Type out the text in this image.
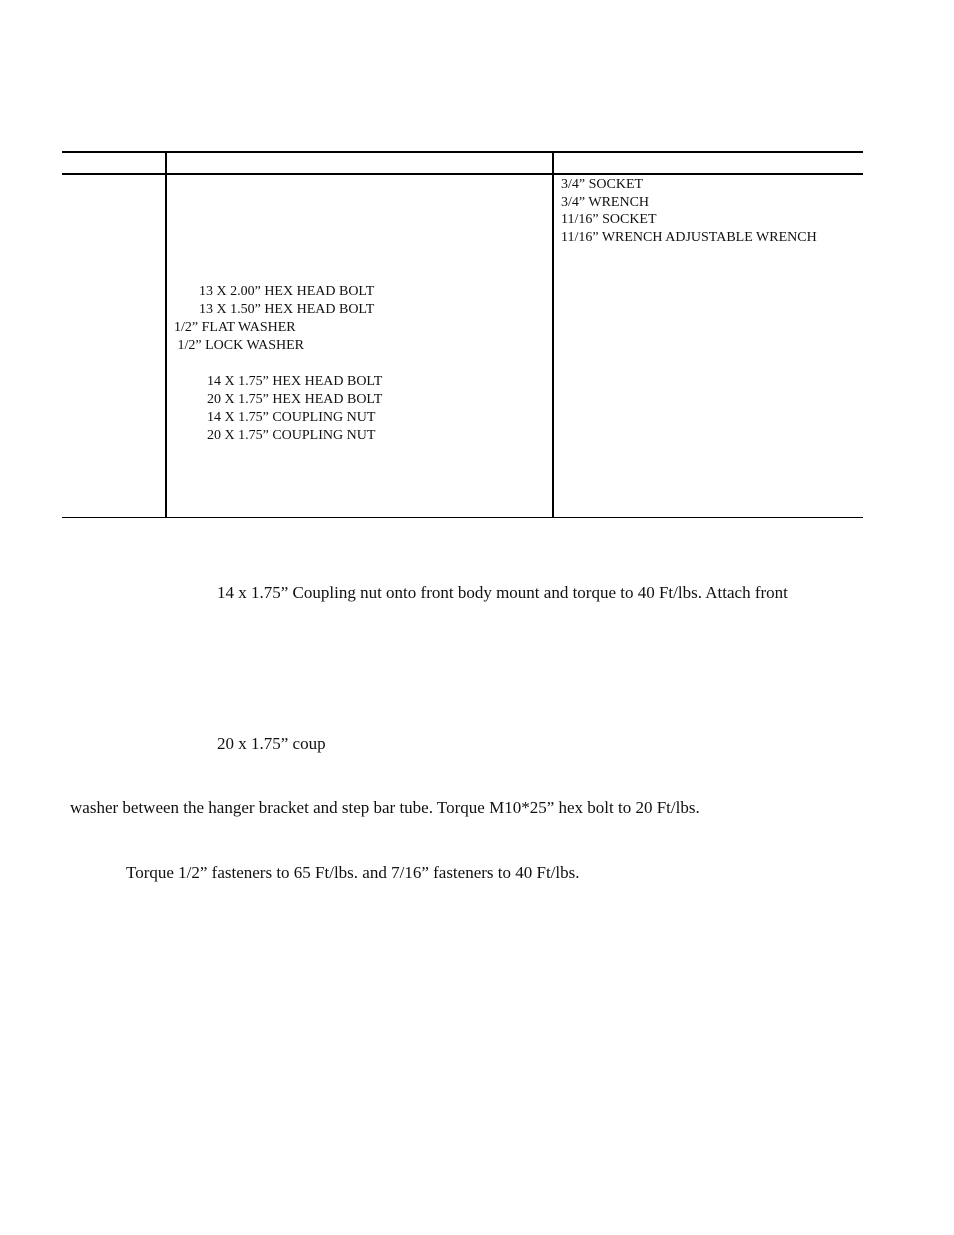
13 X 2.00” HEX HEAD BOLT
13 X 1.50” HEX HEAD BOLT
1/2” FLAT WASHER
1/2” LOCK WASHER
14 X 1.75” HEX HEAD BOLT
20 X 1.75” HEX HEAD BOLT
14 X 1.75” COUPLING NUT
20 X 1.75” COUPLING NUT
3/4” SOCKET
3/4” WRENCH
11/16” SOCKET
11/16” WRENCH ADJUSTABLE WRENCH
14 x 1.75” Coupling nut onto front body mount and torque to 40 Ft/lbs. Attach front
20 x 1.75” coup
washer between the hanger bracket and step bar tube. Torque M10*25” hex bolt to 20 Ft/lbs.
Torque 1/2” fasteners to 65 Ft/lbs. and 7/16” fasteners to 40 Ft/lbs.
